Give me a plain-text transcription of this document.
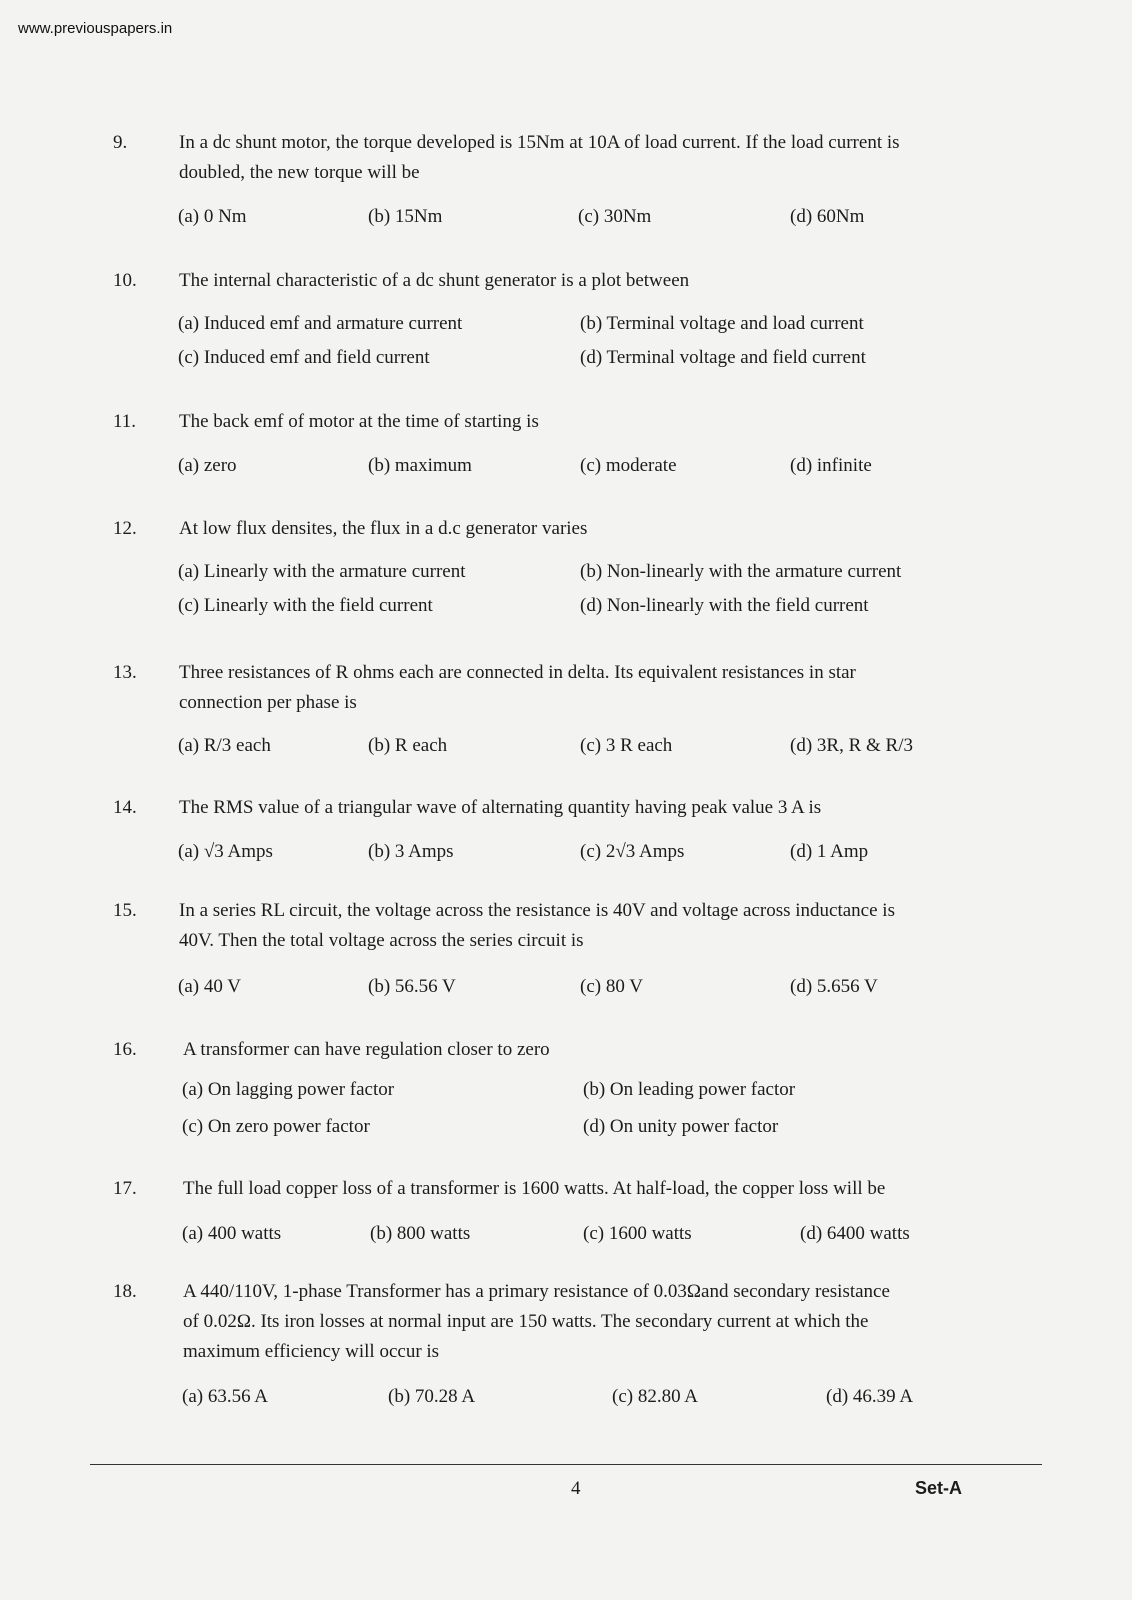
www.previouspapers.in
9.	In a dc shunt motor, the torque developed is 15Nm at 10A of load current. If the load current is
doubled, the new torque will be
(a) 0 Nm	(b) 15Nm	(c) 30Nm	(d) 60Nm
10. The internal characteristic of a dc shunt generator is a plot between
(a) Induced emf and armature current	(b) Terminal voltage and load current
(c) Induced emf and field current	(d) Terminal voltage and field current
11. The back emf of motor at the time of starting is
(a) zero	(b) maximum	(c) moderate	(d) infinite
12. At low flux densites, the flux in a d.c generator varies
(a) Linearly with the armature current	(b) Non-linearly with the armature current
(c) Linearly with the field current	(d) Non-linearly with the field current
13. Three resistances of R ohms each are connected in delta. Its equivalent resistances in star
connection per phase is
(a) R/3 each	(b) R each	(c) 3 R each	(d) 3R, R & R/3
14. The RMS value of a triangular wave of alternating quantity having peak value 3 A is
(a) √3 Amps	(b) 3 Amps	(c) 2√3 Amps	(d) 1 Amp
15. In a series RL circuit, the voltage across the resistance is 40V and voltage across inductance is
40V. Then the total voltage across the series circuit is
(a) 40 V	(b) 56.56 V	(c) 80 V	(d) 5.656 V
16. A transformer can have regulation closer to zero
(a) On lagging power factor	(b) On leading power factor
(c) On zero power factor	(d) On unity power factor
17. The full load copper loss of a transformer is 1600 watts. At half-load, the copper loss will be
(a) 400 watts	(b) 800 watts	(c) 1600 watts	(d) 6400 watts
18. A 440/110V, 1-phase Transformer has a primary resistance of 0.03Ωand secondary resistance
of 0.02Ω. Its iron losses at normal input are 150 watts. The secondary current at which the
maximum efficiency will occur is
(a) 63.56 A	(b) 70.28 A	(c) 82.80 A	(d) 46.39 A
4	Set-A
